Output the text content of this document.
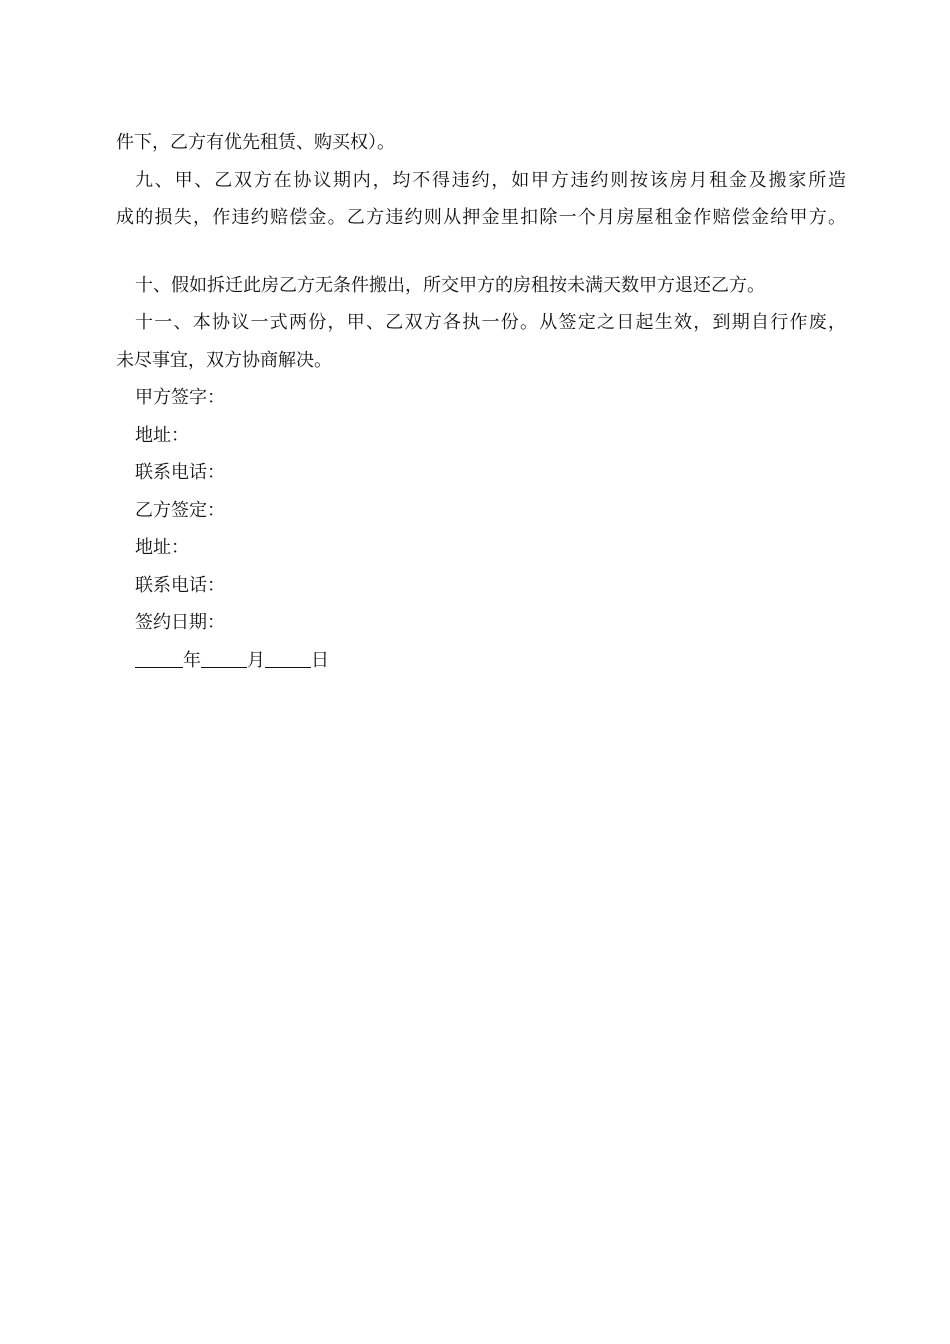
件下，乙方有优先租赁、购买权）。
九、甲、乙双方在协议期内，均不得违约，如甲方违约则按该房月租金及搬家所造
成的损失，作违约赔偿金。乙方违约则从押金里扣除一个月房屋租金作赔偿金给甲方。
十、假如拆迁此房乙方无条件搬出，所交甲方的房租按未满天数甲方退还乙方。
十一、本协议一式两份，甲、乙双方各执一份。从签定之日起生效，到期自行作废，
未尽事宜，双方协商解决。
甲方签字：
地址：
联系电话：
乙方签定：
地址：
联系电话：
签约日期：
年	月	日
